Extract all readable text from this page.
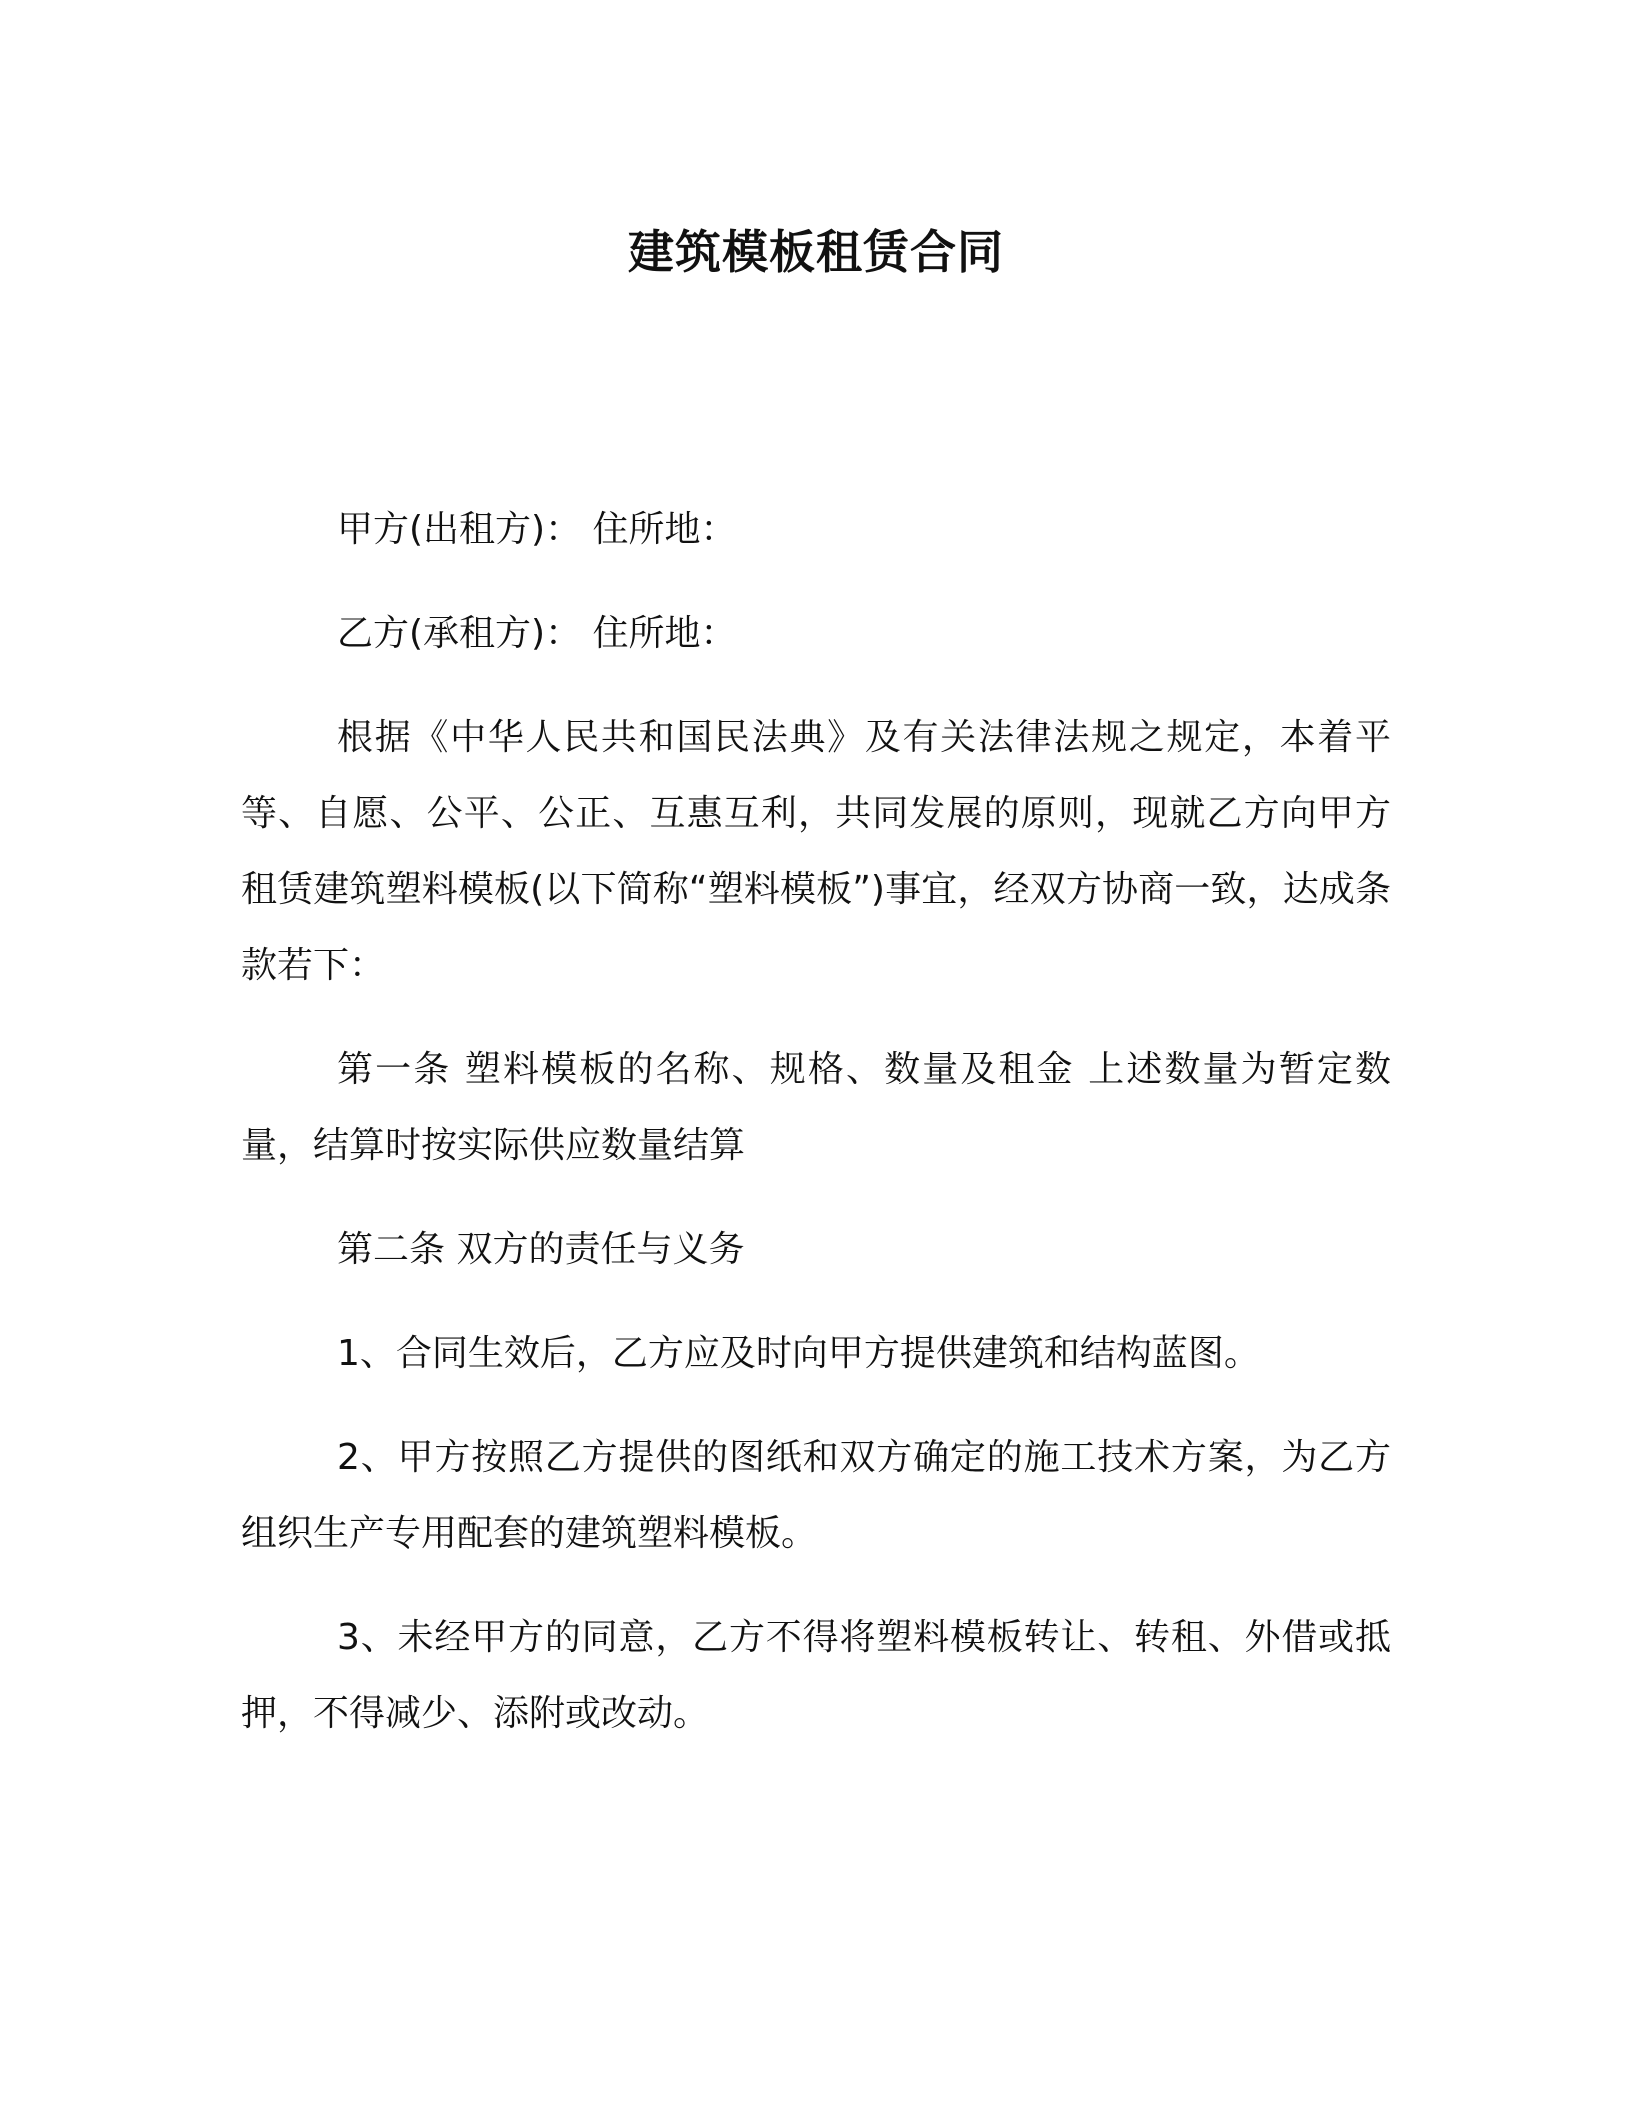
建筑模板租赁合同

甲方(出租方)： 住所地：

乙方(承租方)： 住所地：

根据《中华人民共和国民法典》及有关法律法规之规定，本着平等、自愿、公平、公正、互惠互利，共同发展的原则，现就乙方向甲方租赁建筑塑料模板(以下简称“塑料模板”)事宜，经双方协商一致，达成条款若下：

第一条 塑料模板的名称、规格、数量及租金 上述数量为暂定数量，结算时按实际供应数量结算

第二条 双方的责任与义务

1、合同生效后，乙方应及时向甲方提供建筑和结构蓝图。

2、甲方按照乙方提供的图纸和双方确定的施工技术方案，为乙方组织生产专用配套的建筑塑料模板。

3、未经甲方的同意，乙方不得将塑料模板转让、转租、外借或抵押，不得减少、添附或改动。
